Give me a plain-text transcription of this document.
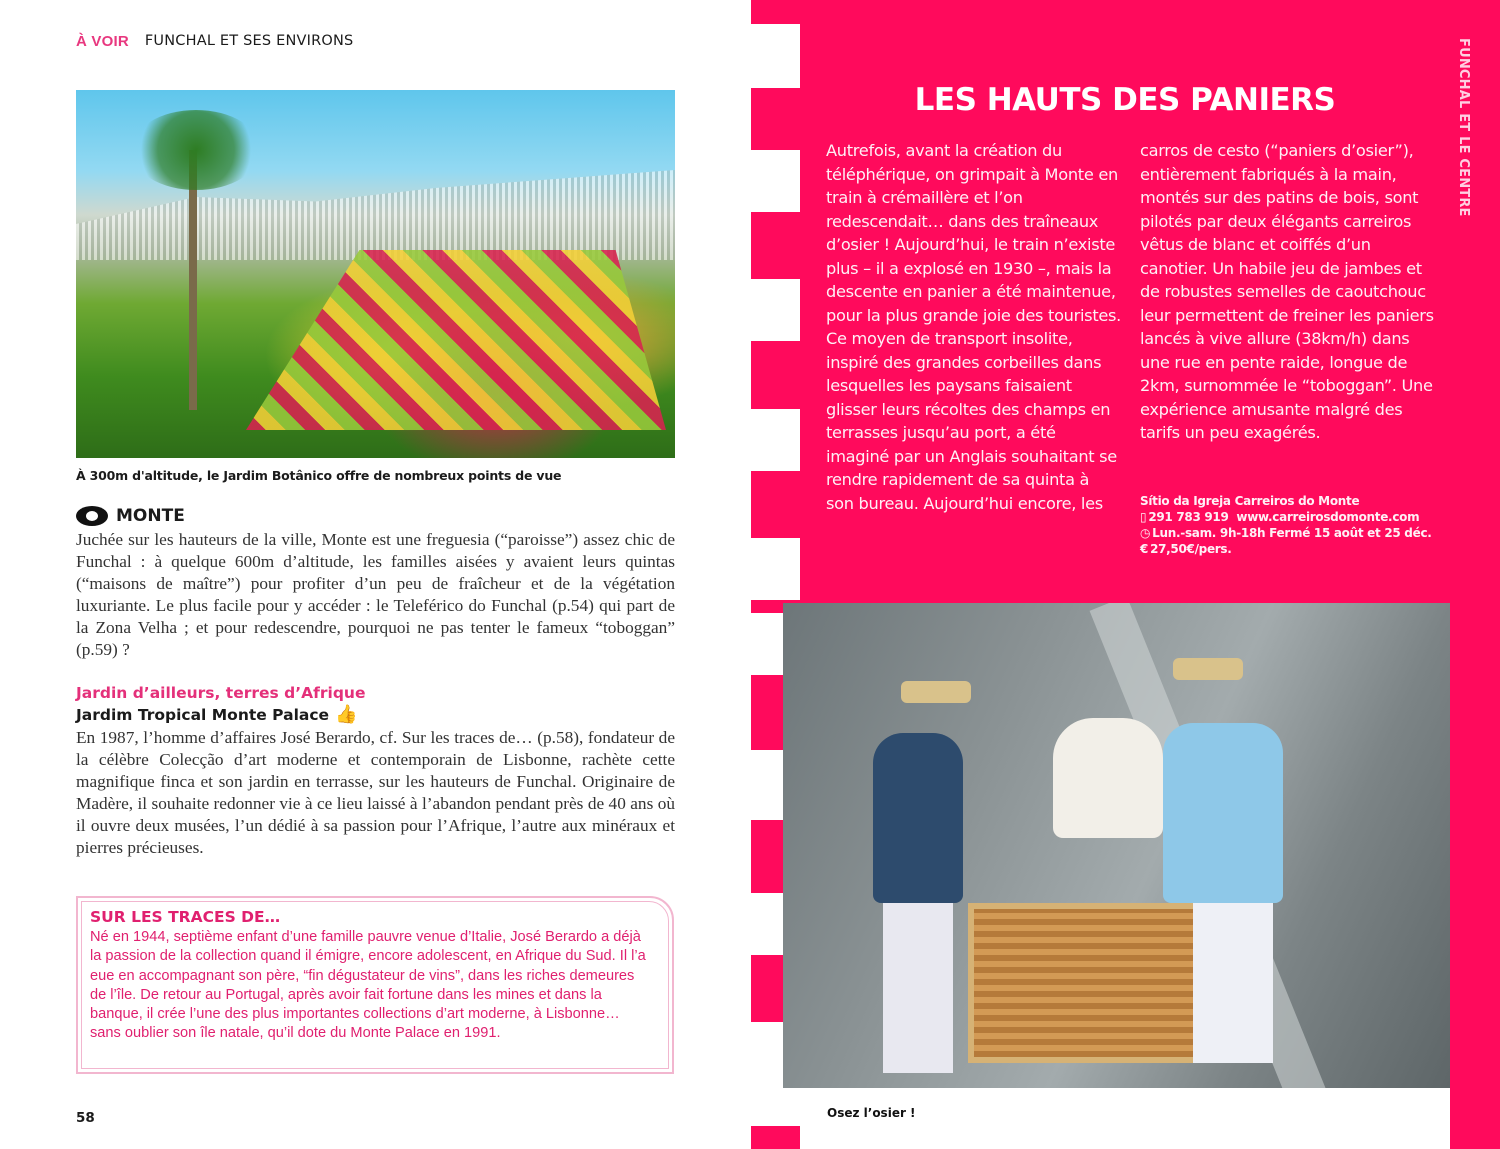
À VOIR FUNCHAL ET SES ENVIRONS
À 300m d'altitude, le Jardim Botânico offre de nombreux points de vue
MONTE
Juchée sur les hauteurs de la ville, Monte est une freguesia (“paroisse”) assez chic de Funchal : à quelque 600m d’altitude, les familles aisées y avaient leurs quintas (“maisons de maître”) pour profiter d’un peu de fraîcheur et de la végétation luxuriante. Le plus facile pour y accéder : le Teleférico do Funchal (p.54) qui part de la Zona Velha ; et pour redescendre, pourquoi ne pas tenter le fameux “toboggan” (p.59) ?
Jardin d’ailleurs, terres d’Afrique
Jardim Tropical Monte Palace 👍
En 1987, l’homme d’affaires José Berardo, cf. Sur les traces de… (p.58), fondateur de la célèbre Colecção d’art moderne et contemporain de Lisbonne, rachète cette magnifique finca et son jardin en terrasse, sur les hauteurs de Funchal. Originaire de Madère, il souhaite redonner vie à ce lieu laissé à l’abandon pendant près de 40 ans où il ouvre deux musées, l’un dédié à sa passion pour l’Afrique, l’autre aux minéraux et pierres précieuses.
SUR LES TRACES DE…
Né en 1944, septième enfant d’une famille pauvre venue d’Italie, José Berardo a déjà la passion de la collection quand il émigre, encore adolescent, en Afrique du Sud. Il l’a eue en accompagnant son père, “fin dégustateur de vins”, dans les riches demeures de l’île. De retour au Portugal, après avoir fait fortune dans les mines et dans la banque, il crée l’une des plus importantes collections d’art moderne, à Lisbonne… sans oublier son île natale, qu’il dote du Monte Palace en 1991.
58
FUNCHAL ET LE CENTRE
LES HAUTS DES PANIERS
Autrefois, avant la création du téléphérique, on grimpait à Monte en train à crémaillère et l’on redescendait… dans des traîneaux d’osier ! Aujourd’hui, le train n’existe plus – il a explosé en 1930 –, mais la descente en panier a été maintenue, pour la plus grande joie des touristes. Ce moyen de transport insolite, inspiré des grandes corbeilles dans lesquelles les paysans faisaient glisser leurs récoltes des champs en terrasses jusqu’au port, a été imaginé par un Anglais souhaitant se rendre rapidement de sa quinta à son bureau. Aujourd’hui encore, les
carros de cesto (“paniers d’osier”), entièrement fabriqués à la main, montés sur des patins de bois, sont pilotés par deux élégants carreiros vêtus de blanc et coiffés d’un canotier. Un habile jeu de jambes et de robustes semelles de caoutchouc leur permettent de freiner les paniers lancés à vive allure (38km/h) dans une rue en pente raide, longue de 2km, surnommée le “toboggan”. Une expérience amusante malgré des tarifs un peu exagérés.
Sítio da Igreja Carreiros do Monte
▯ 291 783 919
www.carreirosdomonte.com
◷ Lun.-sam. 9h-18h Fermé 15 août et 25 déc.
€ 27,50€/pers.
Osez l’osier !
